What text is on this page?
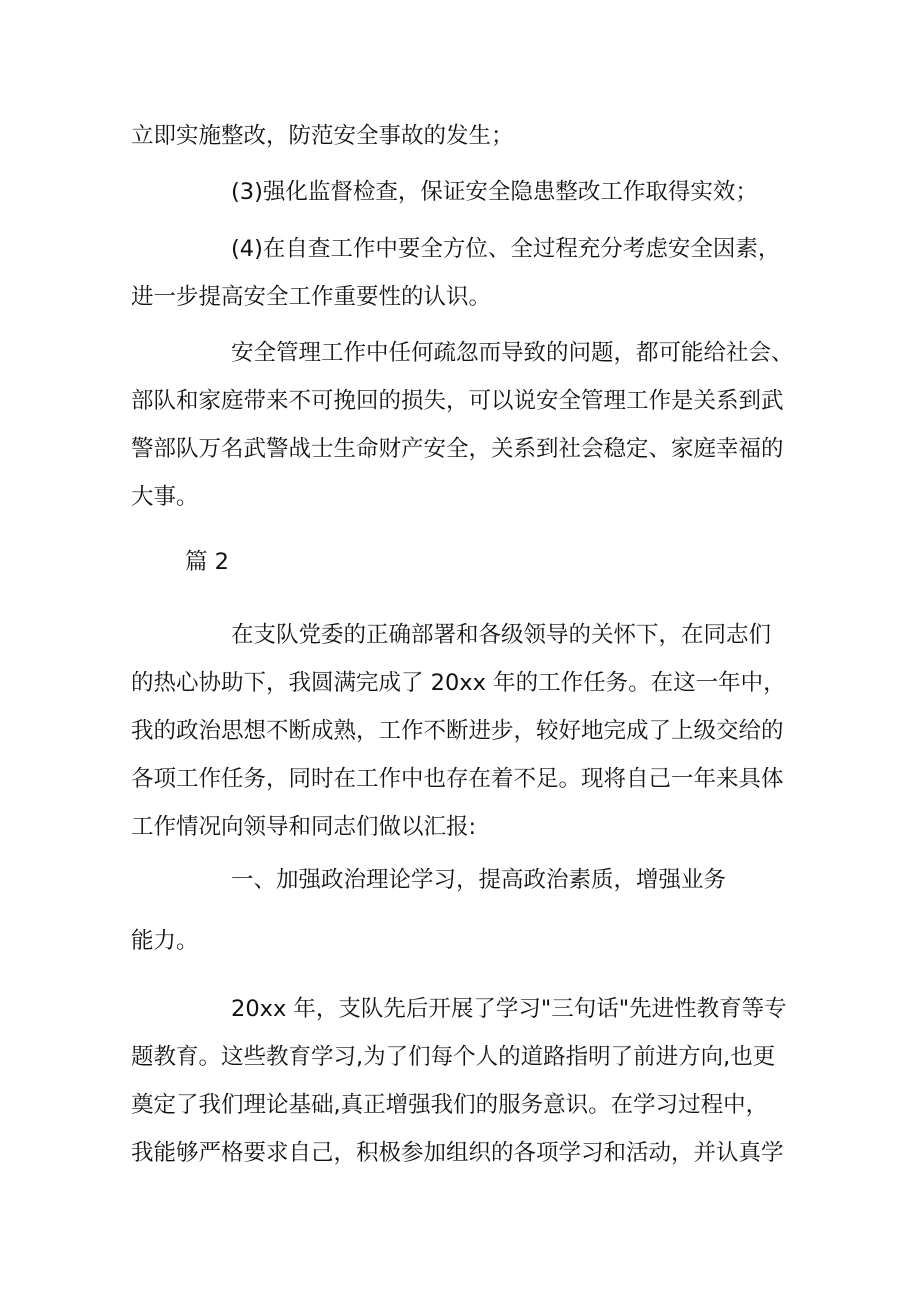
立即实施整改，防范安全事故的发生；
(3)强化监督检查，保证安全隐患整改工作取得实效；
(4)在自查工作中要全方位、全过程充分考虑安全因素，
进一步提高安全工作重要性的认识。
安全管理工作中任何疏忽而导致的问题，都可能给社会、
部队和家庭带来不可挽回的损失，可以说安全管理工作是关系到武
警部队万名武警战士生命财产安全，关系到社会稳定、家庭幸福的
大事。
篇 2
在支队党委的正确部署和各级领导的关怀下，在同志们
的热心协助下，我圆满完成了 20xx 年的工作任务。在这一年中，
我的政治思想不断成熟，工作不断进步，较好地完成了上级交给的
各项工作任务，同时在工作中也存在着不足。现将自己一年来具体
工作情况向领导和同志们做以汇报:
一、加强政治理论学习，提高政治素质，增强业务
能力。
20xx 年，支队先后开展了学习"三句话"先进性教育等专
题教育。这些教育学习,为了们每个人的道路指明了前进方向,也更
奠定了我们理论基础,真正增强我们的服务意识。在学习过程中，
我能够严格要求自己，积极参加组织的各项学习和活动，并认真学
